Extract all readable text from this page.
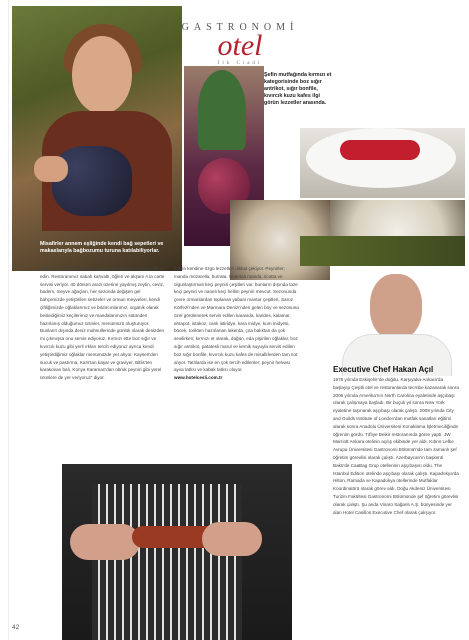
GASTRONOMİ
otel
İlk Ciadi
Şefin mutfağında kırmızı et kategorisinde boz sığır antrikot, sığır bonfile, kıvırcık kuzu kafes ilgi görün lezzetler arasında.
Misafirler annem eşliğinde kendi bağ sepetleri ve makaslarıyla bağbozumu turuna katılabiliyorlar.

yağlı ve çok şekerli tatlılar menümüzde kullanmamaya dikkat edin. Restoranımız sabah kahvaltı, öğlen ve akşam A la carte servisi veriyor. 40 dönüm arazi üzerine yayılmış zeytin, ceviz, badem, meyve ağaçları, her sezonda değişen gel bahçemizde yetiştirilen sebzeler ve orman meyveleri, kendi çiftliğimizde oğlaklarımız ve bıldırcınlarımız, organik olarak beslediğimiz keçilerimiz ve mandalarımızın sütünden hazırlanış olduğumuz ürünler, menümüzü oluşturuyor. Bunların dışında deniz mahsullerinde günlük olarak denizden mi çıkmışsa onu servis ediyoruz. Kırmızı ette boz sığır ve kıvırcık kuzu gibi yerli ırkları tercih ediyoruz ayrıca kendi yetiştirdiğimiz oğlaklar menümüzde yer alıyor. Kayseri'den sucuk ve pastırma, Kars'tan kaşar ve graviyer, Bitlis'ten karakovan balı, Konya Karaman'dan obruk peyniri gibi yerel ürünlere de yer veriyoruz" diyor.

Otelin kendine özgü lezzetleri dikkat çekiyor. Peynirler; manda mozarella, burrata, lavantalı manda, ricotta ve olgunlaştırmalı keçi peyniri çeşitleri var. bunların dışında taze keçi peyniri ve nanelı keçi hellim peyniri mevcut. Sezonunda çevre ormanlardan toplanan yabani mantar çeşitleri, Saroz Körfezi'nden ve Marmara Denizi'nden gelen boy ve sezonuna özel görülenerek servis edilen karavida, karides, kalamar, ahtapot, istakoz, canlı istiridye, kara midye, kum midyesi, böcek, torikten hazırlanan lakerda, çıta balıktan da çok sevilirken; kırmızı et olarak, düğün, eda pişirilen oğlaklar, boz sığır antrikot, patatesli marul ve kemik suyuyla servis edilen boz sığır bonfile, kıvırcık kuzu kafes de misafirlerden tam not alıyor. Tatlılarda ise en çok tercih edilenler; peynir helvası ayva tatlısı ve kabak tatlısı oluyor.

www.hotelcesli.com.tr

Executive Chef Hakan Açıl

1978 yılında Eskişehir'de doğdu. Karşıyaka-Ankara'da başlayıp Çeşitli otel ve restoranlarda tecrübe kazanarak sonra 2006 yılında Amerika'nın North Carolina eyaletinde aşçıbaşı olarak çalışmaya başladı. Bir buçuk yıl sonra New York eyaletine taşınarak aşçıbaşı olarak çalıştı. 2008 yılında City and Guilds Institute of London'dan mutfak sanatları eğitimi alarak sonra Anadolu Üniversitesi Konaklama İşletmeciliğinde öğrenim gördü. Tıflıye Beikir restoranında görev yaptı. JW Marriott Ankara otelinin açılış ekibinde yer aldı. Kıbrıs Lefke Avrupa Üniversitesi Gastronomi Bölümü'nde tam zamanlı şef öğretim görevlisi olarak çalıştı. Azerbaycan'ın başkenti Bakü'de CaaBag Grup otellerinin aşçıbaşısı oldu. The Istanbul Edition otelinde aşçıbaşı olarak çalıştı. Kapadokya'da Hilton, Ramada ve Kapadokya otellerinde Mutfaklar Koordinatörü olarak görev aldı. Doğu Akdeniz Üniversitesi Turizm Fakültesi Gastronomi Bölümünde şef öğretim görevlisi olarak çalıştı. Şu anda Vinaro Sağanlı A.Ş. bünyesinde yer alan Hotel Casillos Executive Chef olarak çalışıyor.

42
